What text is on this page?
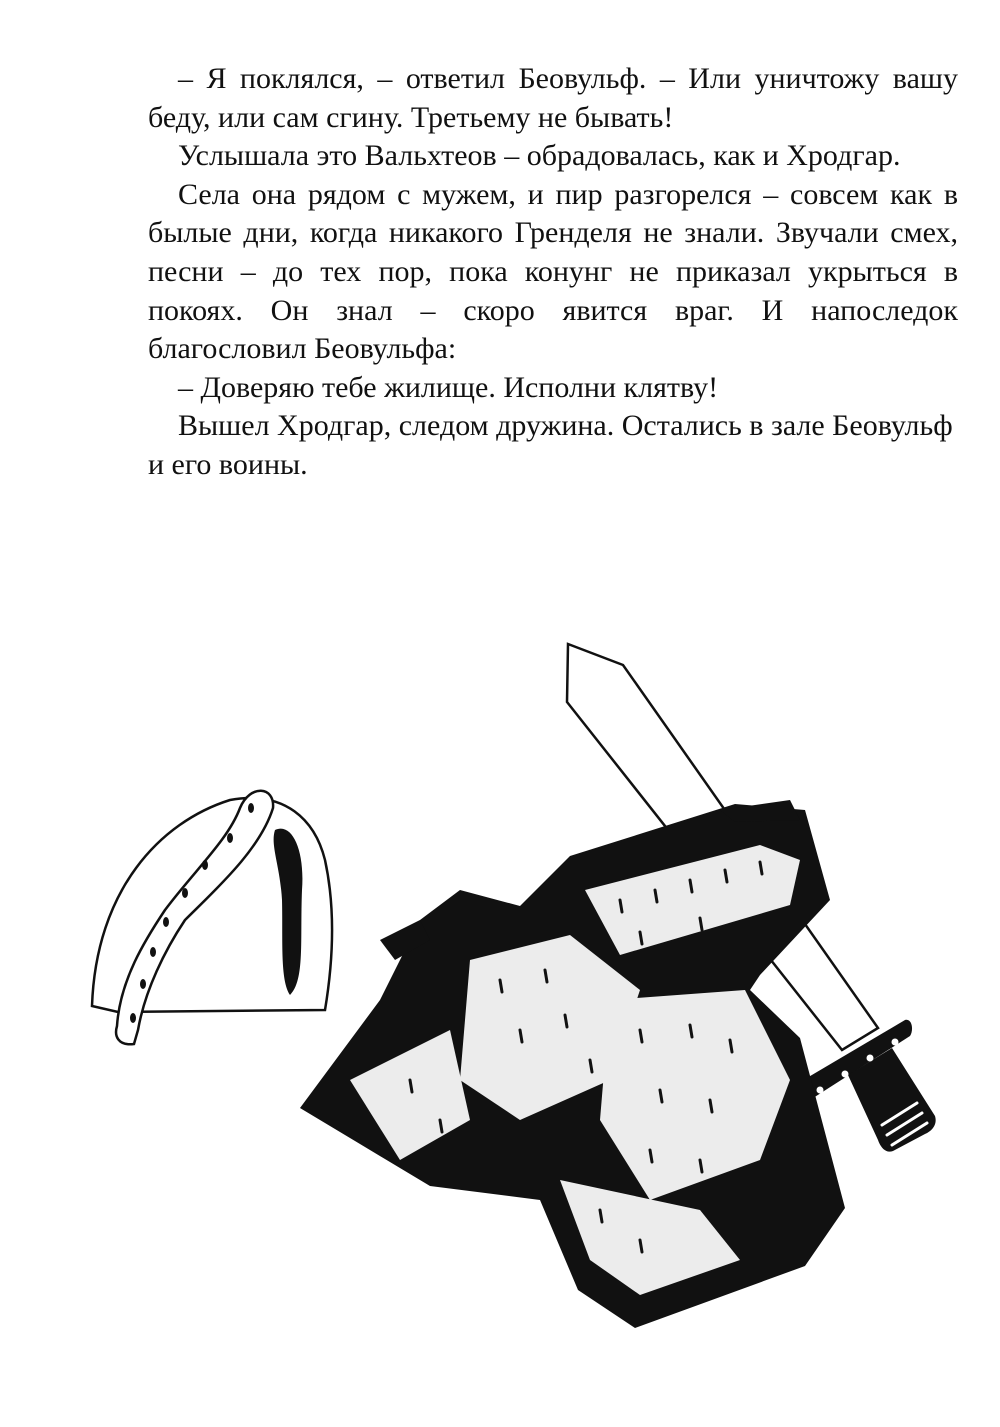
– Я поклялся, – ответил Беовульф. – Или уничтожу вашу беду, или сам сгину. Третьему не бывать!

Услышала это Вальхтеов – обрадовалась, как и Хродгар.

Села она рядом с мужем, и пир разгорелся – совсем как в былые дни, когда никакого Гренделя не знали. Звучали смех, песни – до тех пор, пока конунг не приказал укрыться в покоях. Он знал – скоро явится враг. И напоследок благословил Беовульфа:

– Доверяю тебе жилище. Исполни клятву!

Вышел Хродгар, следом дружина. Остались в зале Беовульф и его воины.
